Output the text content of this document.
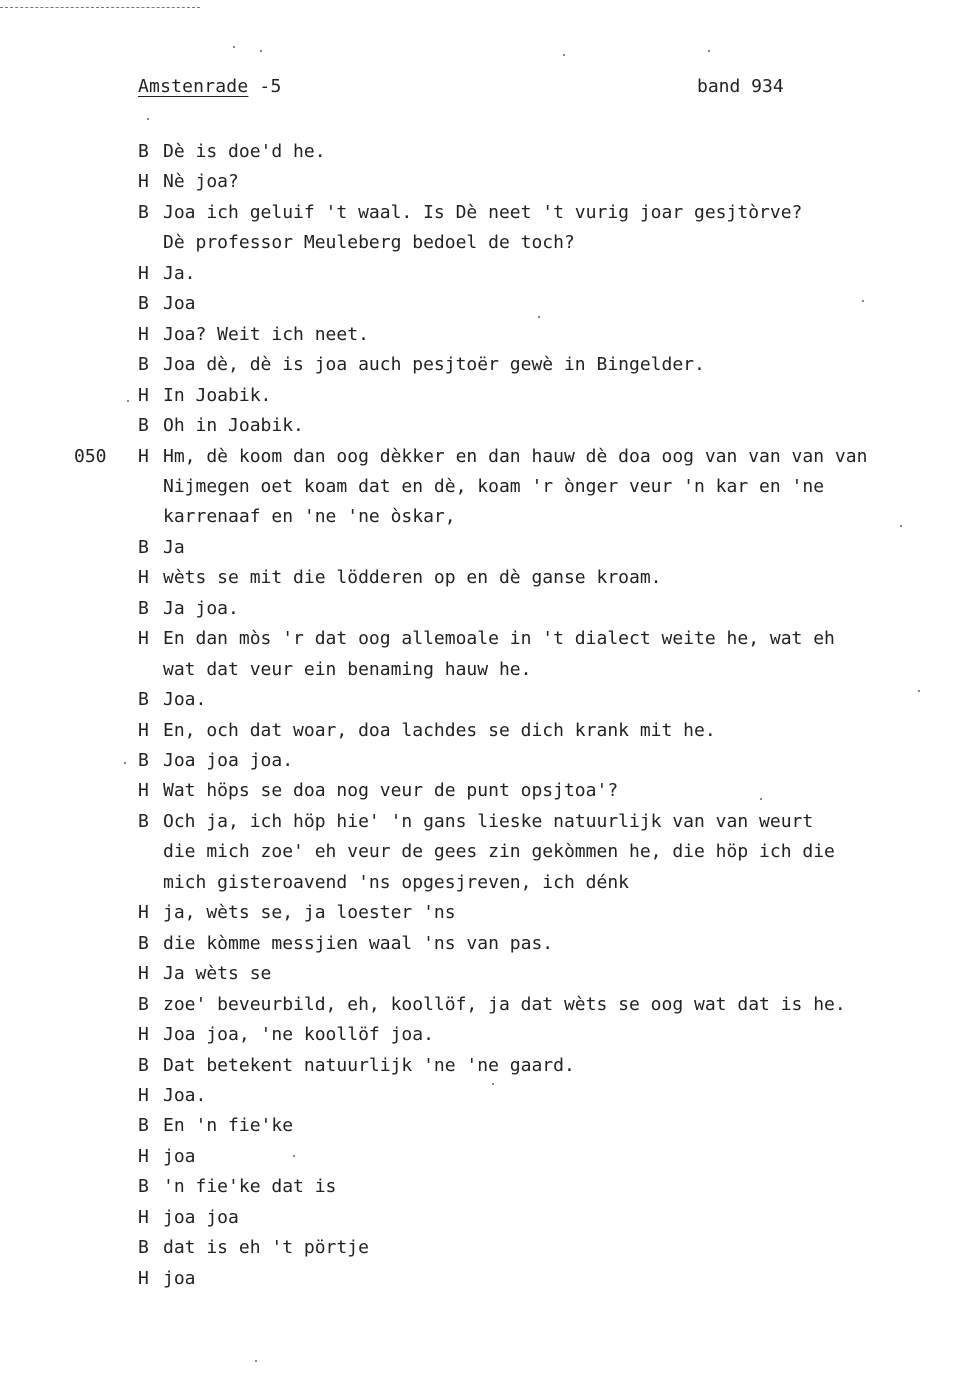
Amstenrade -5	band 934
B Dè is doe'd he.
H Nè joa?
B Joa ich geluif 't waal. Is Dè neet 't vurig joar gesjtòrve?
Dè professor Meuleberg bedoel de toch?
H Ja.
B Joa
H Joa? Weit ich neet.
B Joa dè, dè is joa auch pesjtoër gewè in Bingelder.
H In Joabik.
B Oh in Joabik.
050 H Hm, dè koom dan oog dèkker en dan hauw dè doa oog van van van van
Nijmegen oet koam dat en dè, koam 'r ònger veur 'n kar en 'ne
karrenaaf en 'ne 'ne òskar,
B Ja
H wèts se mit die lödderen op en dè ganse kroam.
B Ja joa.
H En dan mòs 'r dat oog allemoale in 't dialect weite he, wat eh
wat dat veur ein benaming hauw he.
B Joa.
H En, och dat woar, doa lachdes se dich krank mit he.
B Joa joa joa.
H Wat höps se doa nog veur de punt opsjtoa'?
B Och ja, ich höp hie' 'n gans lieske natuurlijk van van weurt
die mich zoe' eh veur de gees zin gekòmmen he, die höp ich die
mich gisteroavend 'ns opgesjreven, ich dénk
H ja, wèts se, ja loester 'ns
B die kòmme messjien waal 'ns van pas.
H Ja wèts se
B zoe' beveurbild, eh, koollöf, ja dat wèts se oog wat dat is he.
H Joa joa, 'ne koollöf joa.
B Dat betekent natuurlijk 'ne 'ne gaard.
H Joa.
B En 'n fie'ke
H joa
B 'n fie'ke dat is
H joa joa
B dat is eh 't pörtje
H joa
